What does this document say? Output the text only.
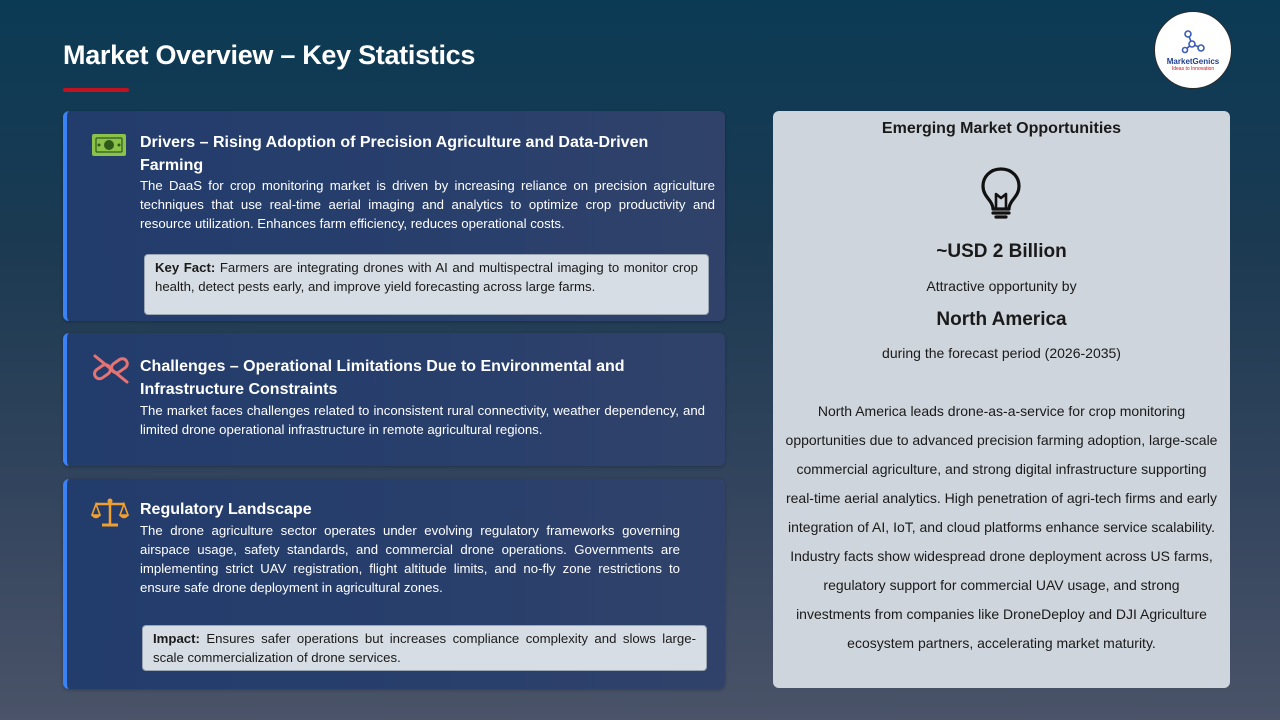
Market Overview – Key Statistics	MarketGenics
Ideas to Innovation
Drivers – Rising Adoption of Precision Agriculture and Data-Driven
Farming
The DaaS for crop monitoring market is driven by increasing reliance on precision agriculture techniques that use real-time aerial imaging and analytics to optimize crop productivity and resource utilization. Enhances farm efficiency, reduces operational costs.
Key Fact: Farmers are integrating drones with AI and multispectral imaging to monitor crop health, detect pests early, and improve yield forecasting across large farms.
Challenges – Operational Limitations Due to Environmental and
Infrastructure Constraints
The market faces challenges related to inconsistent rural connectivity, weather dependency, and limited drone operational infrastructure in remote agricultural regions.
Regulatory Landscape
The drone agriculture sector operates under evolving regulatory frameworks governing airspace usage, safety standards, and commercial drone operations. Governments are implementing strict UAV registration, flight altitude limits, and no-fly zone restrictions to ensure safe drone deployment in agricultural zones.
Impact: Ensures safer operations but increases compliance complexity and slows large-scale commercialization of drone services.
Emerging Market Opportunities
~USD 2 Billion
Attractive opportunity by
North America
during the forecast period (2026-2035)
North America leads drone-as-a-service for crop monitoring opportunities due to advanced precision farming adoption, large-scale commercial agriculture, and strong digital infrastructure supporting real-time aerial analytics. High penetration of agri-tech firms and early integration of AI, IoT, and cloud platforms enhance service scalability. Industry facts show widespread drone deployment across US farms, regulatory support for commercial UAV usage, and strong investments from companies like DroneDeploy and DJI Agriculture ecosystem partners, accelerating market maturity.
